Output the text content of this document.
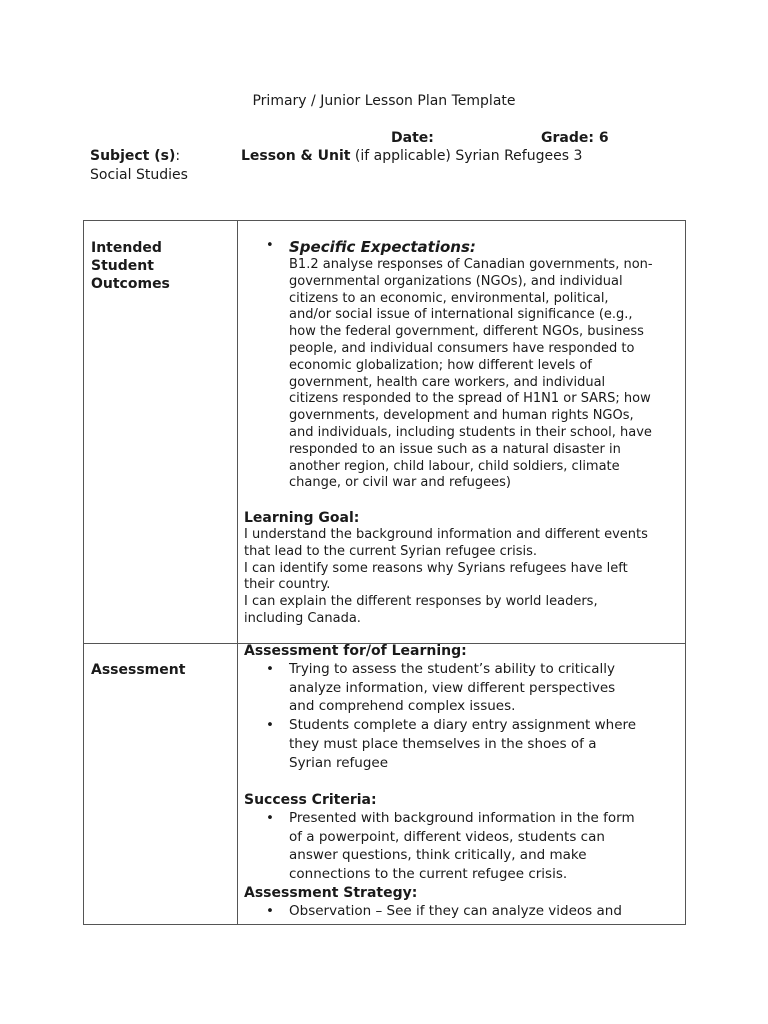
Primary / Junior Lesson Plan Template
Date:	Grade: 6
Subject (s):
Social Studies
Lesson & Unit (if applicable) Syrian Refugees 3
Intended
Student
Outcomes
• Specific Expectations:
B1.2 analyse responses of Canadian governments, non-
governmental organizations (NGOs), and individual
citizens to an economic, environmental, political,
and/or social issue of international significance (e.g.,
how the federal government, different NGOs, business
people, and individual consumers have responded to
economic globalization; how different levels of
government, health care workers, and individual
citizens responded to the spread of H1N1 or SARS; how
governments, development and human rights NGOs,
and individuals, including students in their school, have
responded to an issue such as a natural disaster in
another region, child labour, child soldiers, climate
change, or civil war and refugees)
Learning Goal:
I understand the background information and different events
that lead to the current Syrian refugee crisis.
I can identify some reasons why Syrians refugees have left
their country.
I can explain the different responses by world leaders,
including Canada.
Assessment
Assessment for/of Learning:
• Trying to assess the student’s ability to critically
analyze information, view different perspectives
and comprehend complex issues.
• Students complete a diary entry assignment where
they must place themselves in the shoes of a
Syrian refugee
Success Criteria:
• Presented with background information in the form
of a powerpoint, different videos, students can
answer questions, think critically, and make
connections to the current refugee crisis.
Assessment Strategy:
• Observation – See if they can analyze videos and
